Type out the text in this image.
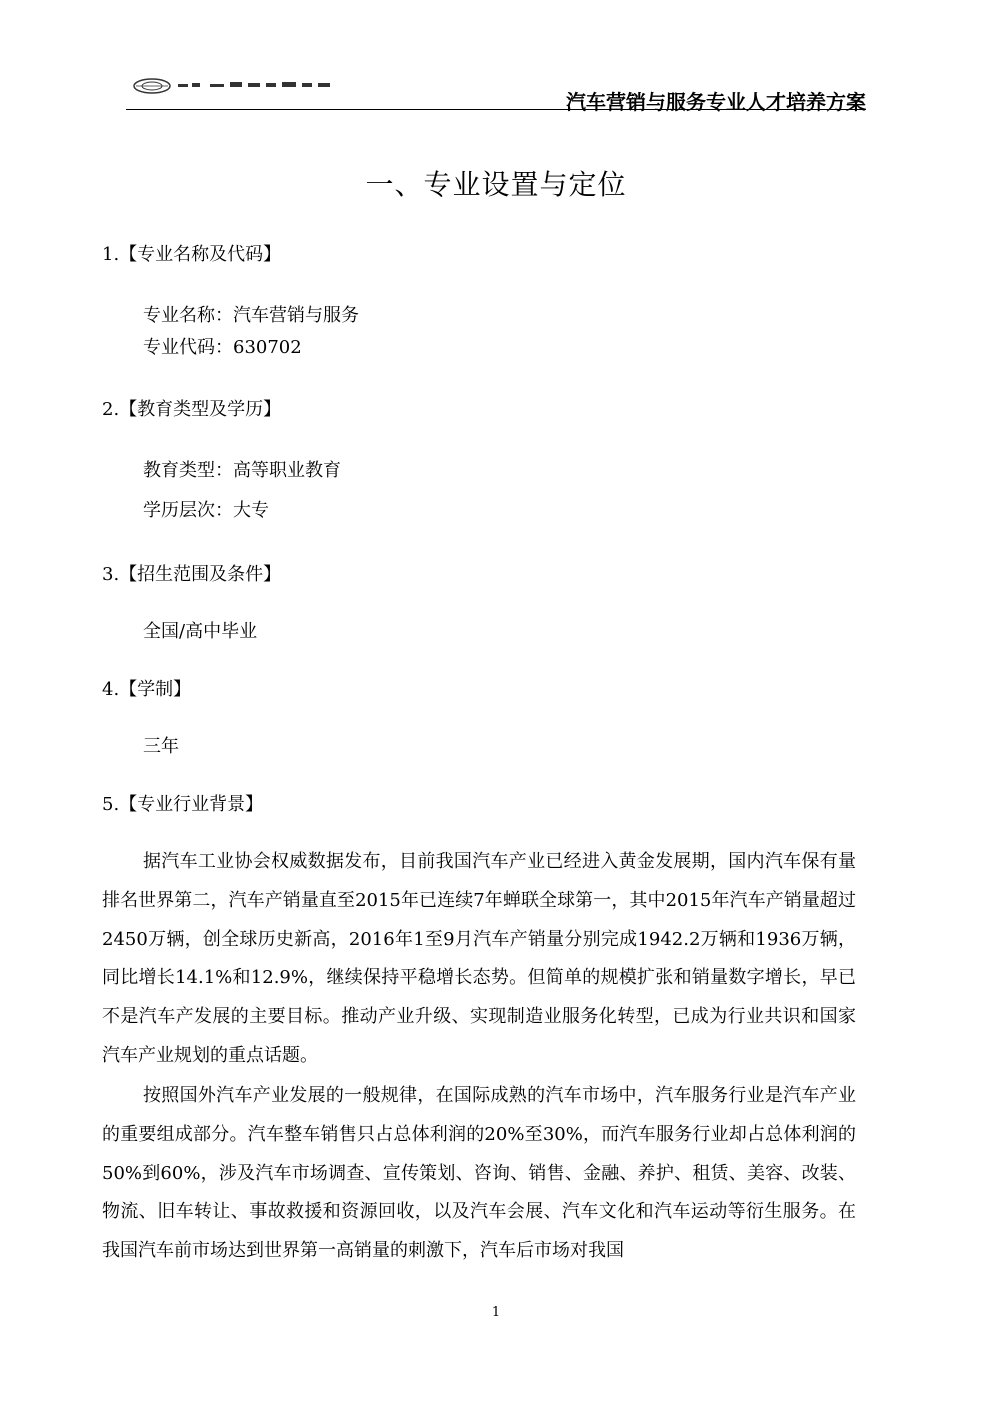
汽车营销与服务专业人才培养方案
一、专业设置与定位
1.【专业名称及代码】
专业名称：汽车营销与服务
专业代码：630702
2.【教育类型及学历】
教育类型：高等职业教育
学历层次：大专
3.【招生范围及条件】
全国/高中毕业
4.【学制】
三年
5.【专业行业背景】

据汽车工业协会权威数据发布，目前我国汽车产业已经进入黄金发展期，国内汽车保有量排名世界第二，汽车产销量直至2015年已连续7年蝉联全球第一，其中2015年汽车产销量超过2450万辆，创全球历史新高，2016年1至9月汽车产销量分别完成1942.2万辆和1936万辆，同比增长14.1%和12.9%，继续保持平稳增长态势。但简单的规模扩张和销量数字增长，早已不是汽车产发展的主要目标。推动产业升级、实现制造业服务化转型，已成为行业共识和国家汽车产业规划的重点话题。

按照国外汽车产业发展的一般规律，在国际成熟的汽车市场中，汽车服务行业是汽车产业的重要组成部分。汽车整车销售只占总体利润的20%至30%，而汽车服务行业却占总体利润的50%到60%，涉及汽车市场调查、宣传策划、咨询、销售、金融、养护、租赁、美容、改装、物流、旧车转让、事故救援和资源回收，以及汽车会展、汽车文化和汽车运动等衍生服务。在我国汽车前市场达到世界第一高销量的刺激下，汽车后市场对我国

1
